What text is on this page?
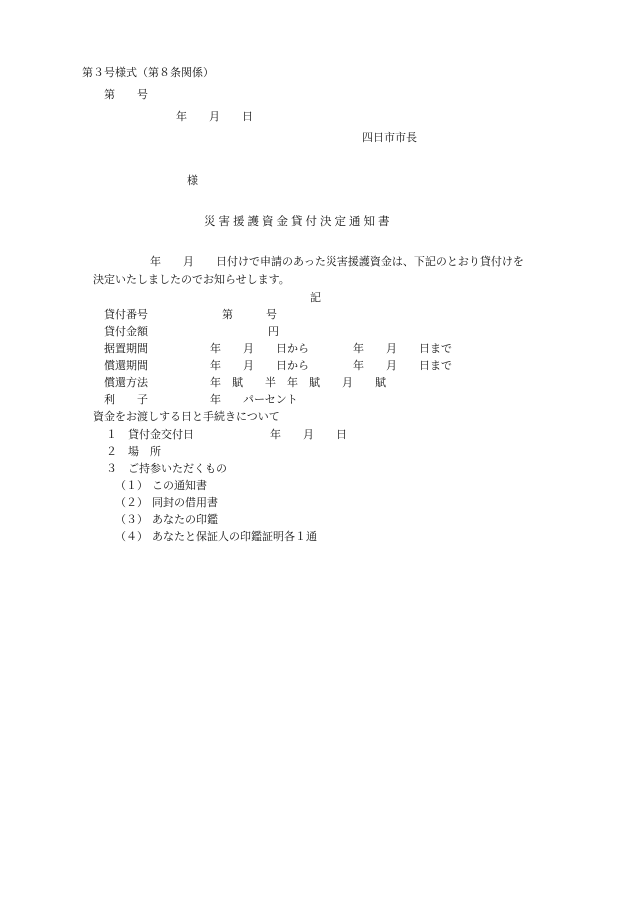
第３号様式（第８条関係）
第　　号
年　　月　　日
四日市市長
様
災害援護資金貸付決定通知書
年　　月　　日付けで申請のあった災害援護資金は、下記のとおり貸付けを
決定いたしましたのでお知らせします。
記
貸付番号	第　　　号
貸付金額	円
据置期間	年　　月　　日から　　　　年　　月　　日まで
償還期間	年　　月　　日から　　　　年　　月　　日まで
償還方法	年　賦　　半　年　賦　　月　　賦
利　　子	年　　パーセント
資金をお渡しする日と手続きについて
１ 貸付金交付日	年　　月　　日
２ 場　所
３ ご持参いただくもの
（１） この通知書
（２） 同封の借用書
（３） あなたの印鑑
（４） あなたと保証人の印鑑証明各１通
